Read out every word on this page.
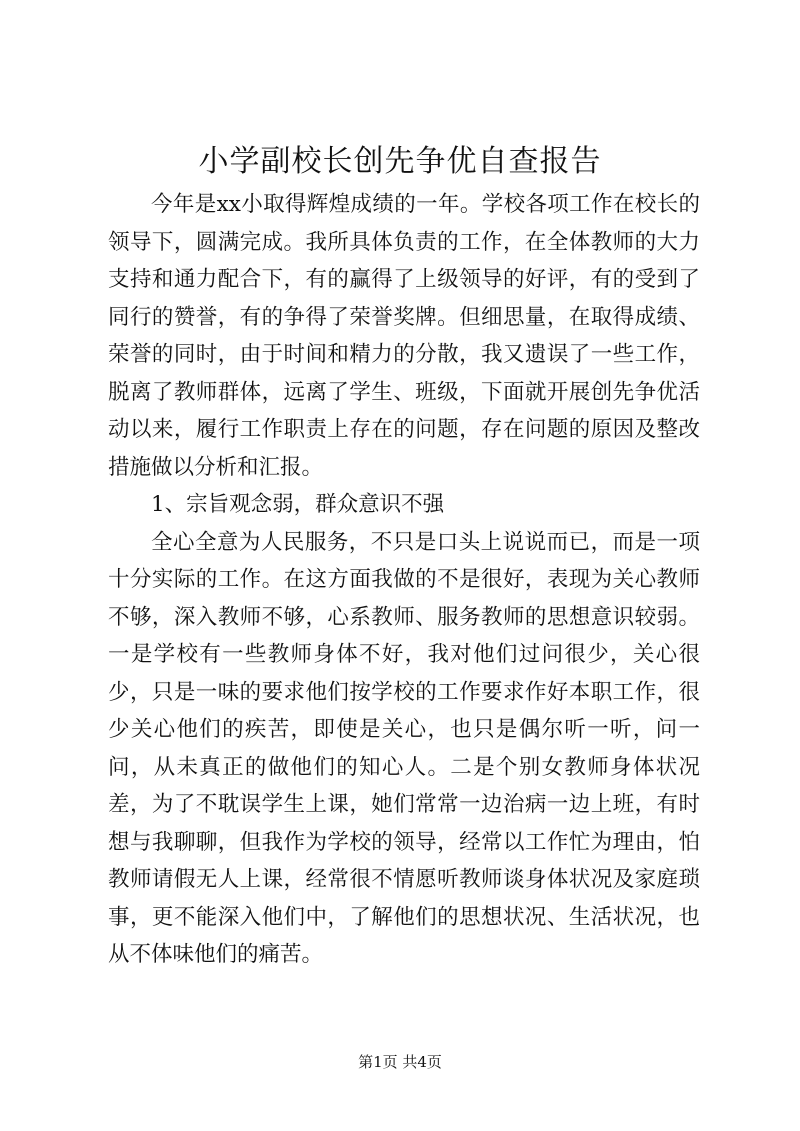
小学副校长创先争优自查报告

今年是xx小取得辉煌成绩的一年。学校各项工作在校长的领导下，圆满完成。我所具体负责的工作，在全体教师的大力支持和通力配合下，有的赢得了上级领导的好评，有的受到了同行的赞誉，有的争得了荣誉奖牌。但细思量，在取得成绩、荣誉的同时，由于时间和精力的分散，我又遗误了一些工作，脱离了教师群体，远离了学生、班级，下面就开展创先争优活动以来，履行工作职责上存在的问题，存在问题的原因及整改措施做以分析和汇报。

1、宗旨观念弱，群众意识不强

全心全意为人民服务，不只是口头上说说而已，而是一项十分实际的工作。在这方面我做的不是很好，表现为关心教师不够，深入教师不够，心系教师、服务教师的思想意识较弱。一是学校有一些教师身体不好，我对他们过问很少，关心很少，只是一味的要求他们按学校的工作要求作好本职工作，很少关心他们的疾苦，即使是关心，也只是偶尔听一听，问一问，从未真正的做他们的知心人。二是个别女教师身体状况差，为了不耽误学生上课，她们常常一边治病一边上班，有时想与我聊聊，但我作为学校的领导，经常以工作忙为理由，怕教师请假无人上课，经常很不情愿听教师谈身体状况及家庭琐事，更不能深入他们中，了解他们的思想状况、生活状况，也从不体味他们的痛苦。

第1页 共4页
